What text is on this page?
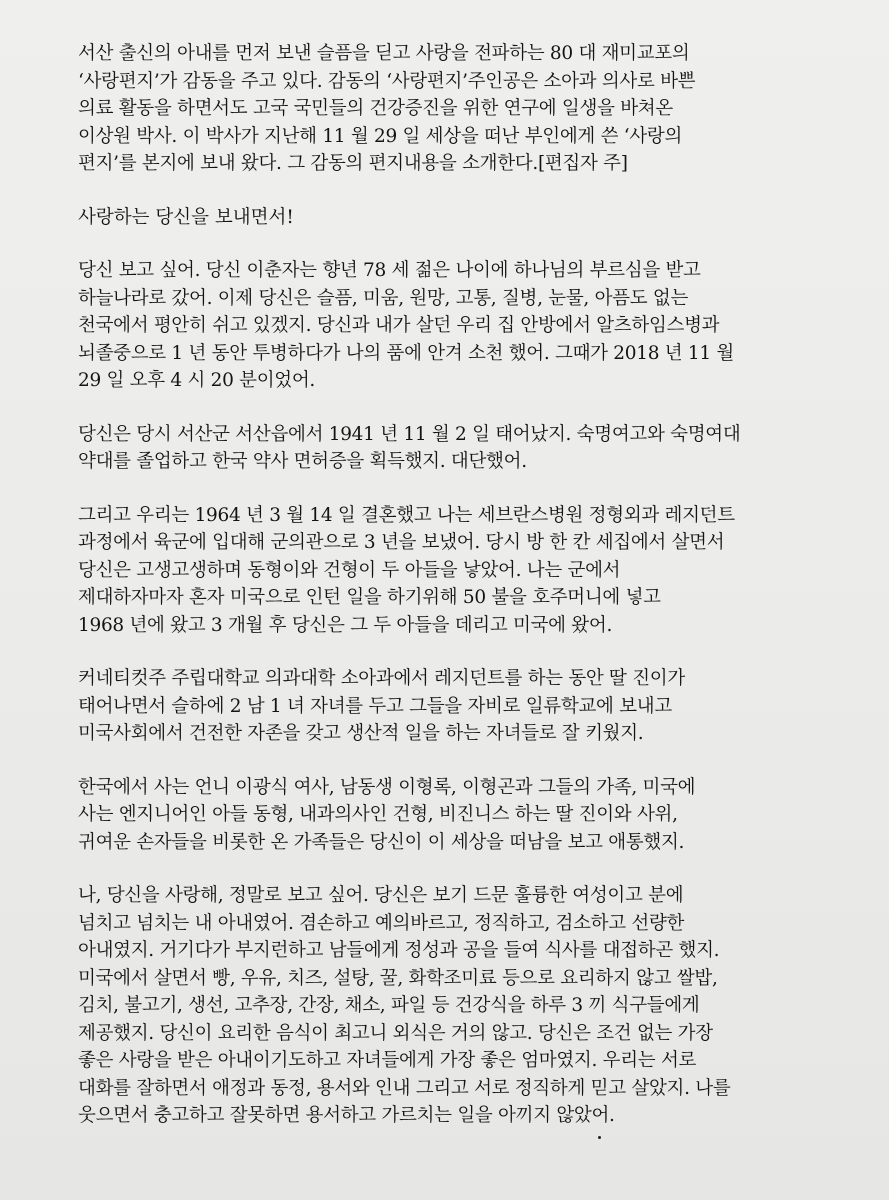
서산 출신의 아내를 먼저 보낸 슬픔을 딛고 사랑을 전파하는 80 대 재미교포의
‘사랑편지’가 감동을 주고 있다. 감동의 ‘사랑편지’주인공은 소아과 의사로 바쁜
의료 활동을 하면서도 고국 국민들의 건강증진을 위한 연구에 일생을 바쳐온
이상원 박사. 이 박사가 지난해 11 월 29 일 세상을 떠난 부인에게 쓴 ‘사랑의
편지’를 본지에 보내 왔다. 그 감동의 편지내용을 소개한다.[편집자 주]
사랑하는 당신을 보내면서!
당신 보고 싶어. 당신 이춘자는 향년 78 세 젊은 나이에 하나님의 부르심을 받고
하늘나라로 갔어. 이제 당신은 슬픔, 미움, 원망, 고통, 질병, 눈물, 아픔도 없는
천국에서 평안히 쉬고 있겠지. 당신과 내가 살던 우리 집 안방에서 알츠하임스병과
뇌졸중으로 1 년 동안 투병하다가 나의 품에 안겨 소천 했어. 그때가 2018 년 11 월
29 일 오후 4 시 20 분이었어.
당신은 당시 서산군 서산읍에서 1941 년 11 월 2 일 태어났지. 숙명여고와 숙명여대
약대를 졸업하고 한국 약사 면허증을 획득했지. 대단했어.
그리고 우리는 1964 년 3 월 14 일 결혼했고 나는 세브란스병원 정형외과 레지던트
과정에서 육군에 입대해 군의관으로 3 년을 보냈어. 당시 방 한 칸 세집에서 살면서
당신은 고생고생하며 동형이와 건형이 두 아들을 낳았어. 나는 군에서
제대하자마자 혼자 미국으로 인턴 일을 하기위해 50 불을 호주머니에 넣고
1968 년에 왔고 3 개월 후 당신은 그 두 아들을 데리고 미국에 왔어.
커네티컷주 주립대학교 의과대학 소아과에서 레지던트를 하는 동안 딸 진이가
태어나면서 슬하에 2 남 1 녀 자녀를 두고 그들을 자비로 일류학교에 보내고
미국사회에서 건전한 자존을 갖고 생산적 일을 하는 자녀들로 잘 키웠지.
한국에서 사는 언니 이광식 여사, 남동생 이형록, 이형곤과 그들의 가족, 미국에
사는 엔지니어인 아들 동형, 내과의사인 건형, 비진니스 하는 딸 진이와 사위,
귀여운 손자들을 비롯한 온 가족들은 당신이 이 세상을 떠남을 보고 애통했지.
나, 당신을 사랑해, 정말로 보고 싶어. 당신은 보기 드문 훌륭한 여성이고 분에
넘치고 넘치는 내 아내였어. 겸손하고 예의바르고, 정직하고, 검소하고 선량한
아내였지. 거기다가 부지런하고 남들에게 정성과 공을 들여 식사를 대접하곤 했지.
미국에서 살면서 빵, 우유, 치즈, 설탕, 꿀, 화학조미료 등으로 요리하지 않고 쌀밥,
김치, 불고기, 생선, 고추장, 간장, 채소, 파일 등 건강식을 하루 3 끼 식구들에게
제공했지. 당신이 요리한 음식이 최고니 외식은 거의 않고. 당신은 조건 없는 가장
좋은 사랑을 받은 아내이기도하고 자녀들에게 가장 좋은 엄마였지. 우리는 서로
대화를 잘하면서 애정과 동정, 용서와 인내 그리고 서로 정직하게 믿고 살았지. 나를
웃으면서 충고하고 잘못하면 용서하고 가르치는 일을 아끼지 않았어.
